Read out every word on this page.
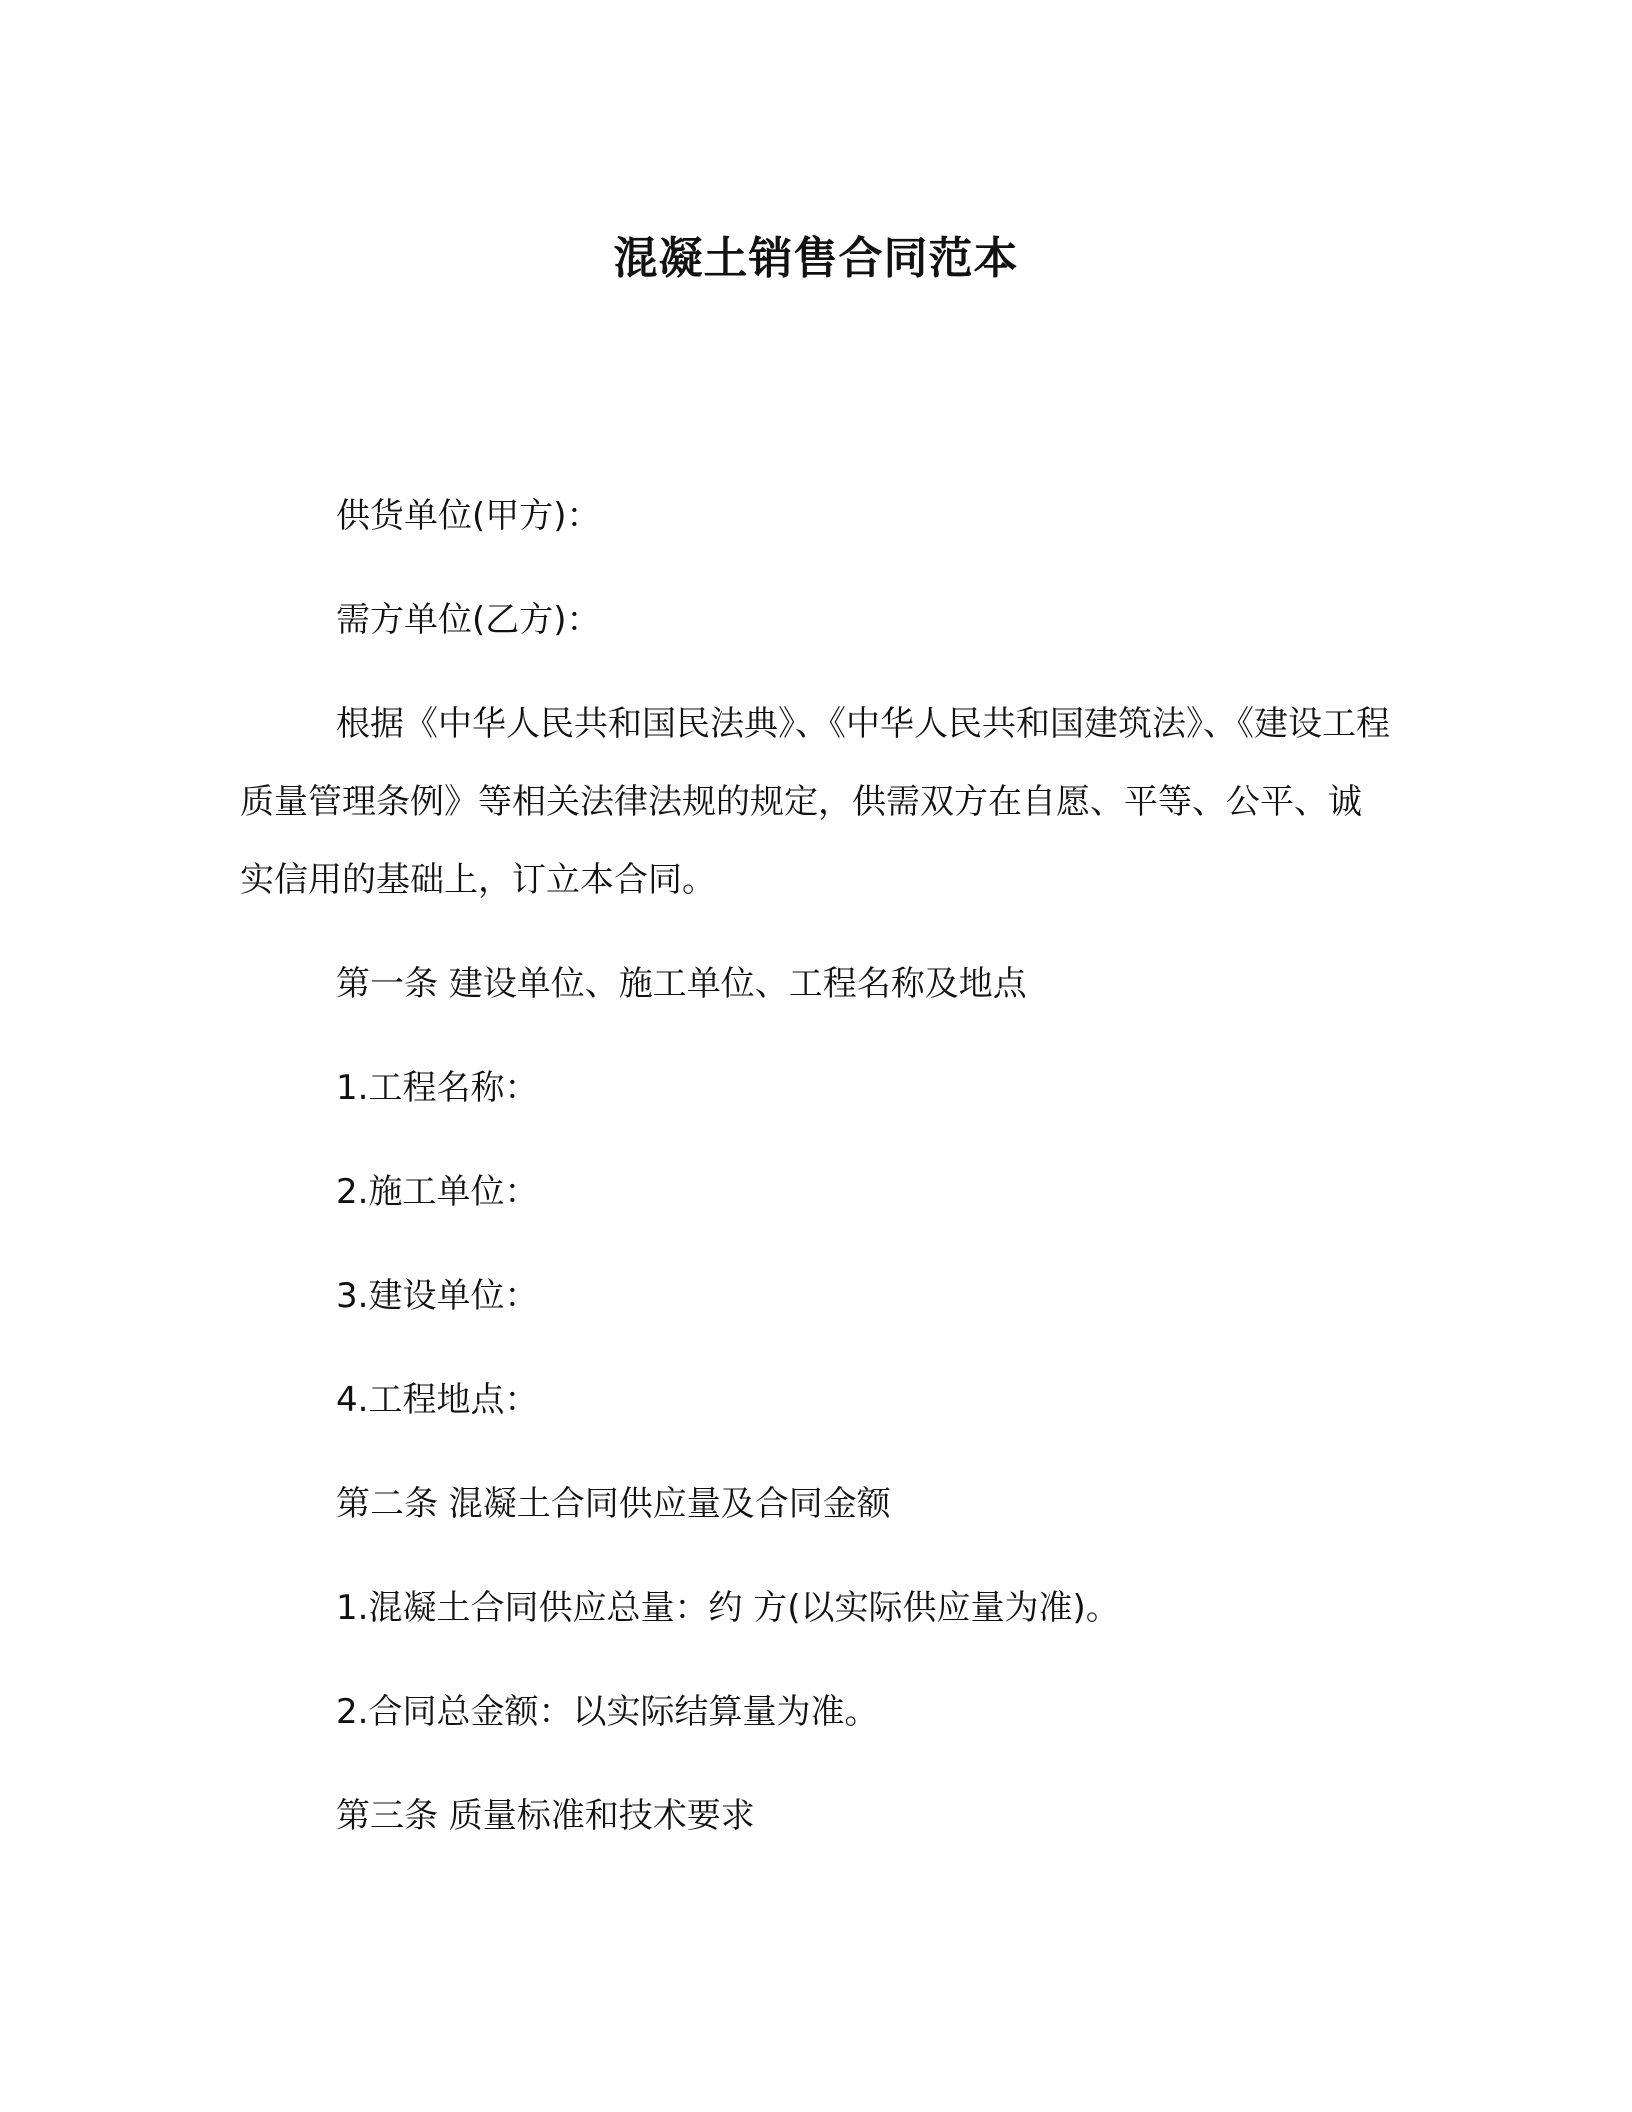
混凝土销售合同范本

供货单位(甲方)：

需方单位(乙方)：

根据《中华人民共和国民法典》、《中华人民共和国建筑法》、《建设工程质量管理条例》等相关法律法规的规定，供需双方在自愿、平等、公平、诚实信用的基础上，订立本合同。

第一条 建设单位、施工单位、工程名称及地点

1.工程名称：

2.施工单位：

3.建设单位：

4.工程地点：

第二条 混凝土合同供应量及合同金额

1.混凝土合同供应总量：约 方(以实际供应量为准)。

2.合同总金额：以实际结算量为准。

第三条 质量标准和技术要求
